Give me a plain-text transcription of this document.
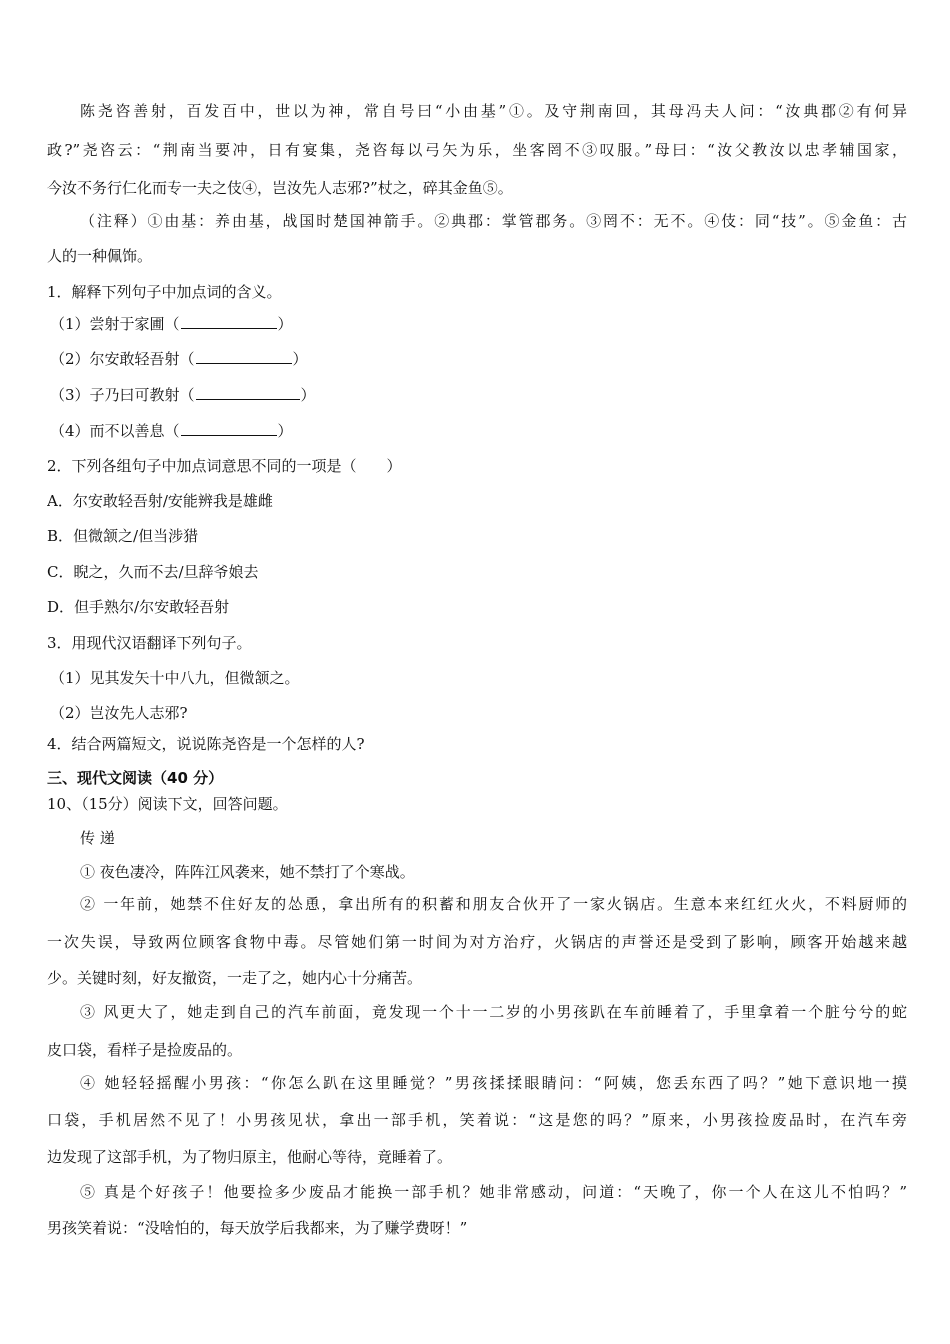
陈尧咨善射，百发百中，世以为神，常自号曰“小由基”①。及守荆南回，其母冯夫人问：“汝典郡②有何异
政?”尧咨云：“荆南当要冲，日有宴集，尧咨每以弓矢为乐，坐客罔不③叹服。”母曰：“汝父教汝以忠孝辅国家，
今汝不务行仁化而专一夫之伎④，岂汝先人志邪?”杖之，碎其金鱼⑤。
（注释）①由基：养由基，战国时楚国神箭手。②典郡：掌管郡务。③罔不：无不。④伎：同“技”。⑤金鱼：古
人的一种佩饰。
1．解释下列句子中加点词的含义。
（1）尝射于家圃（	）
（2）尔安敢轻吾射（	）
（3）子乃曰可教射（	）
（4）而不以善息（	）
2．下列各组句子中加点词意思不同的一项是（ ）
A．尔安敢轻吾射/安能辨我是雄雌
B．但微颔之/但当涉猎
C．睨之，久而不去/旦辞爷娘去
D．但手熟尔/尔安敢轻吾射
3．用现代汉语翻译下列句子。
（1）见其发矢十中八九，但微颔之。
（2）岂汝先人志邪?
4．结合两篇短文，说说陈尧咨是一个怎样的人?
三、现代文阅读（40 分）
10、（15分）阅读下文，回答问题。
传 递
① 夜色凄冷，阵阵江风袭来，她不禁打了个寒战。
② 一年前，她禁不住好友的怂恿，拿出所有的积蓄和朋友合伙开了一家火锅店。生意本来红红火火，不料厨师的
一次失误，导致两位顾客食物中毒。尽管她们第一时间为对方治疗，火锅店的声誉还是受到了影响，顾客开始越来越
少。关键时刻，好友撤资，一走了之，她内心十分痛苦。
③ 风更大了，她走到自己的汽车前面，竟发现一个十一二岁的小男孩趴在车前睡着了，手里拿着一个脏兮兮的蛇
皮口袋，看样子是捡废品的。
④ 她轻轻摇醒小男孩：“你怎么趴在这里睡觉？”男孩揉揉眼睛问：“阿姨，您丢东西了吗？”她下意识地一摸
口袋，手机居然不见了！小男孩见状，拿出一部手机，笑着说：“这是您的吗？”原来，小男孩捡废品时，在汽车旁
边发现了这部手机，为了物归原主，他耐心等待，竟睡着了。
⑤ 真是个好孩子！他要捡多少废品才能换一部手机？她非常感动，问道：“天晚了，你一个人在这儿不怕吗？”
男孩笑着说：“没啥怕的，每天放学后我都来，为了赚学费呀！”
